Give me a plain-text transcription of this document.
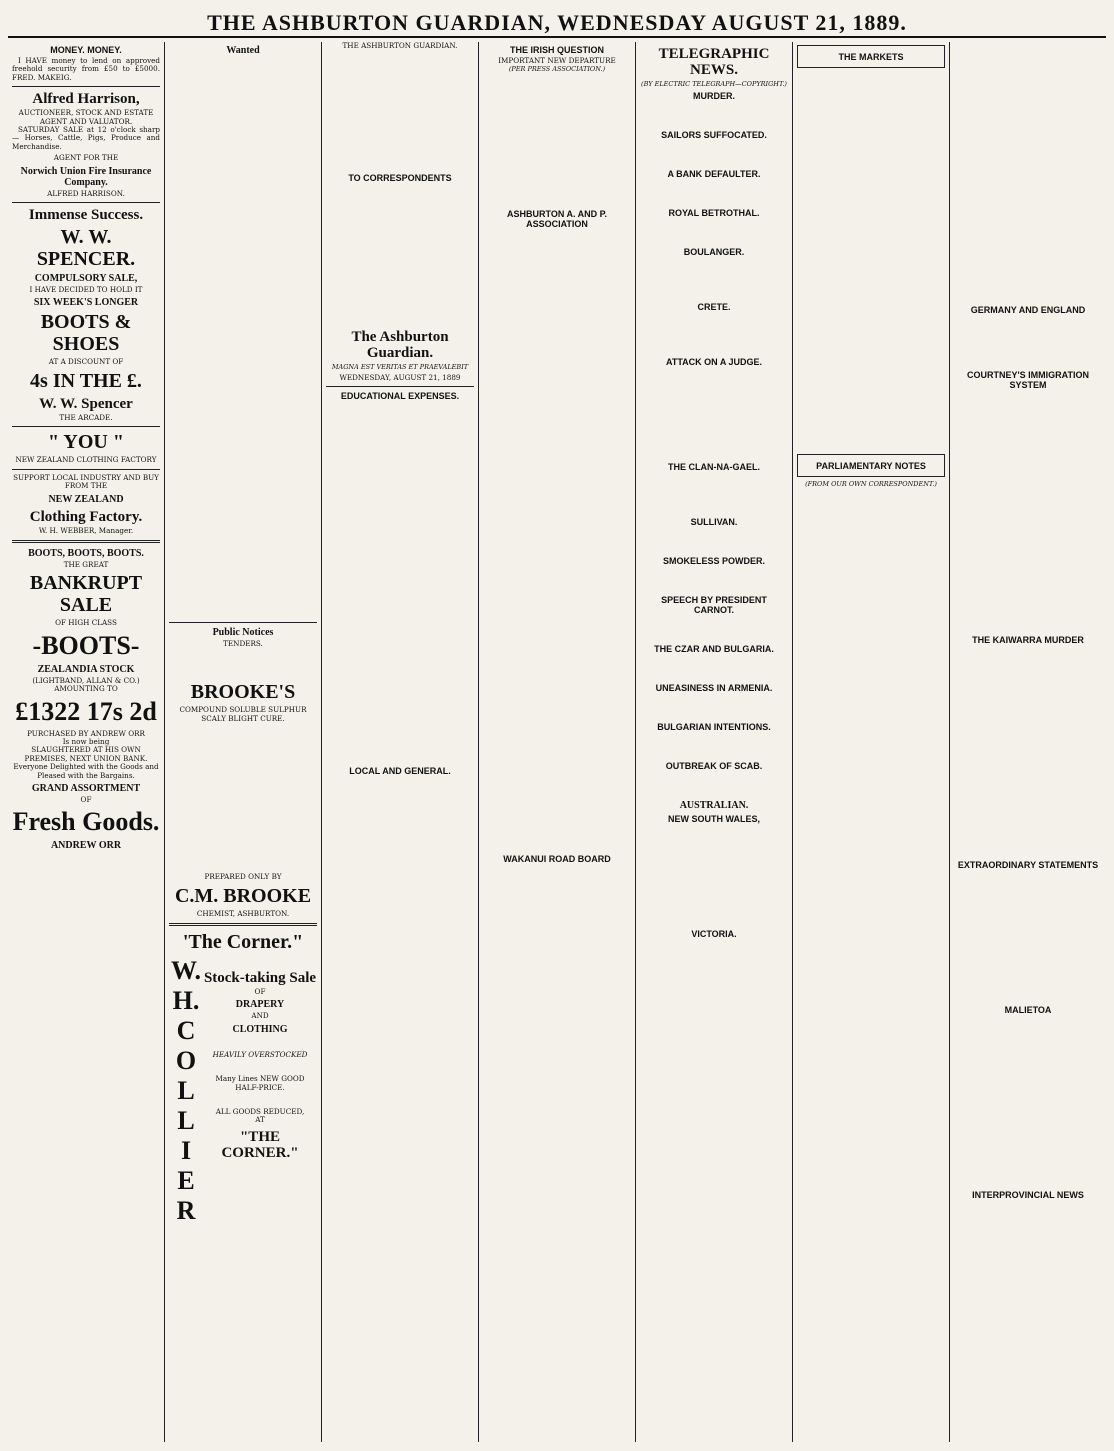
THE ASHBURTON GUARDIAN, WEDNESDAY AUGUST 21, 1889.
MONEY. MONEY.

I HAVE money to lend on approved freehold security from £50 to £5000. FRED. MAKEIG.

Alfred Harrison,
AUCTIONEER, STOCK AND ESTATE AGENT AND VALUATOR.

SATURDAY SALE at 12 o'clock sharp — Horses, Cattle, Pigs, Produce and Merchandise.

AGENT FOR THE
Norwich Union Fire Insurance Company.
ALFRED HARRISON.
Immense Success.
W. W. SPENCER.
COMPULSORY SALE,
I HAVE DECIDED TO HOLD IT
SIX WEEK'S LONGER
BOOTS & SHOES
AT A DISCOUNT OF
4s IN THE £.
W. W. Spencer
THE ARCADE.
" YOU "
NEW ZEALAND CLOTHING FACTORY
SUPPORT LOCAL INDUSTRY AND BUY FROM THE
NEW ZEALAND
Clothing Factory.
W. H. WEBBER, Manager.
BOOTS, BOOTS, BOOTS.
THE GREAT
BANKRUPT SALE
OF HIGH CLASS
-BOOTS-
ZEALANDIA STOCK
(LIGHTBAND, ALLAN & CO.) AMOUNTING TO
£1322 17s 2d
PURCHASED BY ANDREW ORR
Is now being
SLAUGHTERED AT HIS OWN PREMISES, NEXT UNION BANK.
Everyone Delighted with the Goods and Pleased with the Bargains.
GRAND ASSORTMENT
OF
Fresh Goods.
ANDREW ORR
Wanted
Public Notices
TENDERS.
BROOKE'S
COMPOUND SOLUBLE SULPHUR SCALY BLIGHT CURE.
PREPARED ONLY BY
C.M. BROOKE
CHEMIST, ASHBURTON.
'The Corner."
W.
H.
C
O
L
L
I
E
R
Stock-taking Sale
OF
DRAPERY
AND
CLOTHING
HEAVILY OVERSTOCKED
Many Lines NEW GOOD HALF-PRICE.
ALL GOODS REDUCED,
AT
"THE CORNER."
THE ASHBURTON GUARDIAN.
TO CORRESPONDENTS
The Ashburton Guardian.
MAGNA EST VERITAS ET PRAEVALEBIT
WEDNESDAY, AUGUST 21, 1889
EDUCATIONAL EXPENSES.
LOCAL AND GENERAL.
THE IRISH QUESTION
IMPORTANT NEW DEPARTURE
(PER PRESS ASSOCIATION.)
ASHBURTON A. AND P. ASSOCIATION
WAKANUI ROAD BOARD
TELEGRAPHIC NEWS.
(BY ELECTRIC TELEGRAPH—COPYRIGHT.)
MURDER.
SAILORS SUFFOCATED.
A BANK DEFAULTER.
ROYAL BETROTHAL.
BOULANGER.
CRETE.
ATTACK ON A JUDGE.
THE CLAN-NA-GAEL.
SULLIVAN.
SMOKELESS POWDER.
SPEECH BY PRESIDENT CARNOT.
THE CZAR AND BULGARIA.
UNEASINESS IN ARMENIA.
BULGARIAN INTENTIONS.
OUTBREAK OF SCAB.
AUSTRALIAN.
NEW SOUTH WALES,
VICTORIA.
THE MARKETS
PARLIAMENTARY NOTES
(FROM OUR OWN CORRESPONDENT.)
GERMANY AND ENGLAND
COURTNEY'S IMMIGRATION SYSTEM
THE KAIWARRA MURDER
EXTRAORDINARY STATEMENTS
MALIETOA
INTERPROVINCIAL NEWS
